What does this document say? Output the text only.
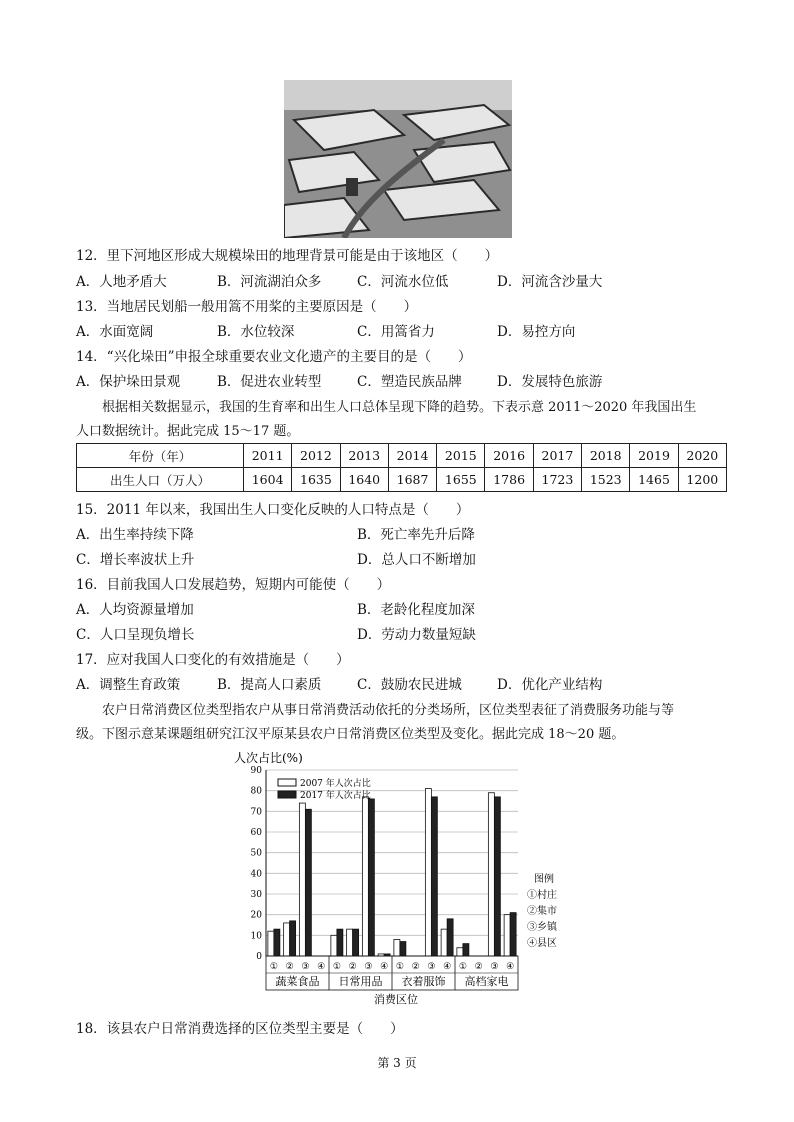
12．里下河地区形成大规模垛田的地理背景可能是由于该地区（　　）
A．人地矛盾大	B．河流湖泊众多	C．河流水位低	D．河流含沙量大
13．当地居民划船一般用篙不用桨的主要原因是（　　）
A．水面宽阔	B．水位较深	C．用篙省力	D．易控方向
14．“兴化垛田”申报全球重要农业文化遗产的主要目的是（　　）
A．保护垛田景观	B．促进农业转型	C．塑造民族品牌	D．发展特色旅游
根据相关数据显示，我国的生育率和出生人口总体呈现下降的趋势。下表示意 2011～2020 年我国出生
人口数据统计。据此完成 15～17 题。
年份（年）	2011	2012	2013	2014	2015	2016	2017	2018	2019	2020
出生人口（万人）	1604	1635	1640	1687	1655	1786	1723	1523	1465	1200
15．2011 年以来，我国出生人口变化反映的人口特点是（　　）
A．出生率持续下降	B．死亡率先升后降
C．增长率波状上升	D．总人口不断增加
16．目前我国人口发展趋势，短期内可能使（　　）
A．人均资源量增加	B．老龄化程度加深
C．人口呈现负增长	D．劳动力数量短缺
17．应对我国人口变化的有效措施是（　　）
A．调整生育政策	B．提高人口素质	C．鼓励农民进城	D．优化产业结构
农户日常消费区位类型指农户从事日常消费活动依托的分类场所，区位类型表征了消费服务功能与等
级。下图示意某课题组研究江汉平原某县农户日常消费区位类型及变化。据此完成 18～20 题。
人次占比(%)
0
10
20
30
40
50
60
70
80
90
① ② ③ ④
蔬菜食品
① ② ③ ④
日常用品
① ② ③ ④
衣着服饰
① ② ③ ④
高档家电
2007 年人次占比
2017 年人次占比
图例
①村庄
②集市
③乡镇
④县区
消费区位
18．该县农户日常消费选择的区位类型主要是（　　）
第 3 页
